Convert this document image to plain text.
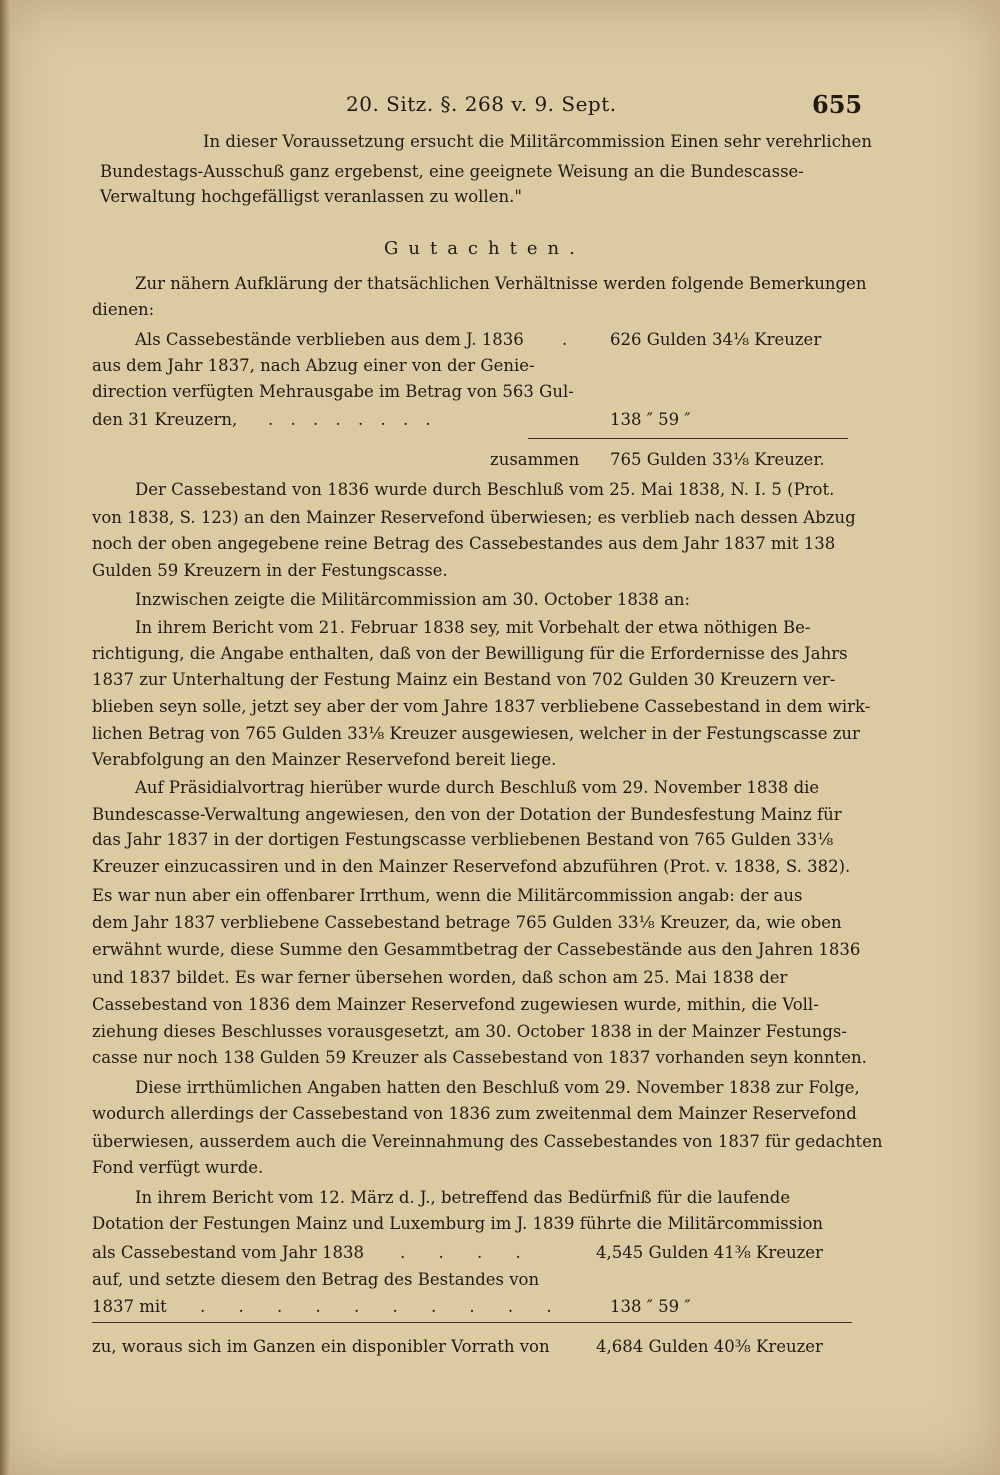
20. Sitz. §. 268 v. 9. Sept.	655
In dieser Voraussetzung ersucht die Militärcommission Einen sehr verehrlichen
Bundestags-Ausschuß ganz ergebenst, eine geeignete Weisung an die Bundescasse-
Verwaltung hochgefälligst veranlassen zu wollen."
Gutachten.
Zur nähern Aufklärung der thatsächlichen Verhältnisse werden folgende Bemerkungen
dienen:
Als Cassebestände verblieben aus dem J. 1836 .	626 Gulden 34⅛ Kreuzer
aus dem Jahr 1837, nach Abzug einer von der Genie-
direction verfügten Mehrausgabe im Betrag von 563 Gul-
den 31 Kreuzern, . . . . . . . .	138 ″ 59 ″
zusammen 765 Gulden 33⅛ Kreuzer.
Der Cassebestand von 1836 wurde durch Beschluß vom 25. Mai 1838, N. I. 5 (Prot.
von 1838, S. 123) an den Mainzer Reservefond überwiesen; es verblieb nach dessen Abzug
noch der oben angegebene reine Betrag des Cassebestandes aus dem Jahr 1837 mit 138
Gulden 59 Kreuzern in der Festungscasse.
Inzwischen zeigte die Militärcommission am 30. October 1838 an:
In ihrem Bericht vom 21. Februar 1838 sey, mit Vorbehalt der etwa nöthigen Be-
richtigung, die Angabe enthalten, daß von der Bewilligung für die Erfordernisse des Jahrs
1837 zur Unterhaltung der Festung Mainz ein Bestand von 702 Gulden 30 Kreuzern ver-
blieben seyn solle, jetzt sey aber der vom Jahre 1837 verbliebene Cassebestand in dem wirk-
lichen Betrag von 765 Gulden 33⅛ Kreuzer ausgewiesen, welcher in der Festungscasse zur
Verabfolgung an den Mainzer Reservefond bereit liege.
Auf Präsidialvortrag hierüber wurde durch Beschluß vom 29. November 1838 die
Bundescasse-Verwaltung angewiesen, den von der Dotation der Bundesfestung Mainz für
das Jahr 1837 in der dortigen Festungscasse verbliebenen Bestand von 765 Gulden 33⅛
Kreuzer einzucassiren und in den Mainzer Reservefond abzuführen (Prot. v. 1838, S. 382).
Es war nun aber ein offenbarer Irrthum, wenn die Militärcommission angab: der aus
dem Jahr 1837 verbliebene Cassebestand betrage 765 Gulden 33⅛ Kreuzer, da, wie oben
erwähnt wurde, diese Summe den Gesammtbetrag der Cassebestände aus den Jahren 1836
und 1837 bildet. Es war ferner übersehen worden, daß schon am 25. Mai 1838 der
Cassebestand von 1836 dem Mainzer Reservefond zugewiesen wurde, mithin, die Voll-
ziehung dieses Beschlusses vorausgesetzt, am 30. October 1838 in der Mainzer Festungs-
casse nur noch 138 Gulden 59 Kreuzer als Cassebestand von 1837 vorhanden seyn konnten.
Diese irrthümlichen Angaben hatten den Beschluß vom 29. November 1838 zur Folge,
wodurch allerdings der Cassebestand von 1836 zum zweitenmal dem Mainzer Reservefond
überwiesen, ausserdem auch die Vereinnahmung des Cassebestandes von 1837 für gedachten
Fond verfügt wurde.
In ihrem Bericht vom 12. März d. J., betreffend das Bedürfniß für die laufende
Dotation der Festungen Mainz und Luxemburg im J. 1839 führte die Militärcommission
als Cassebestand vom Jahr 1838 . . . .	4,545 Gulden 41⅜ Kreuzer
auf, und setzte diesem den Betrag des Bestandes von
1837 mit . . . . . . . . . .	138 ″ 59 ″
zu, woraus sich im Ganzen ein disponibler Vorrath von	4,684 Gulden 40⅜ Kreuzer
